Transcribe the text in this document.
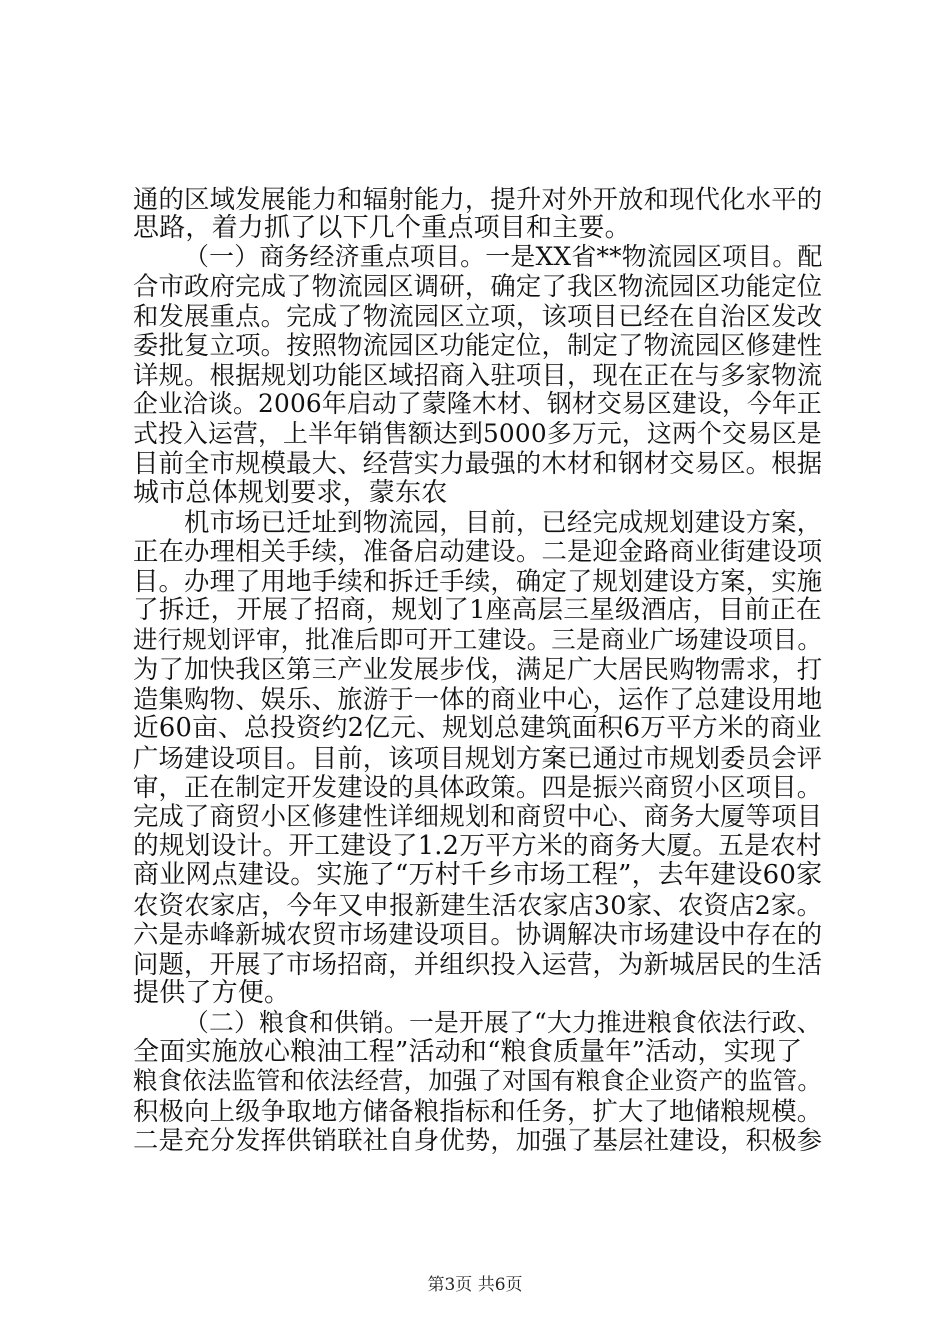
通的区域发展能力和辐射能力，提升对外开放和现代化水平的
思路，着力抓了以下几个重点项目和主要。
（一）商务经济重点项目。一是XX省**物流园区项目。配
合市政府完成了物流园区调研，确定了我区物流园区功能定位
和发展重点。完成了物流园区立项，该项目已经在自治区发改
委批复立项。按照物流园区功能定位，制定了物流园区修建性
详规。根据规划功能区域招商入驻项目，现在正在与多家物流
企业洽谈。2006年启动了蒙隆木材、钢材交易区建设，今年正
式投入运营，上半年销售额达到5000多万元，这两个交易区是
目前全市规模最大、经营实力最强的木材和钢材交易区。根据
城市总体规划要求，蒙东农
机市场已迁址到物流园，目前，已经完成规划建设方案，
正在办理相关手续，准备启动建设。二是迎金路商业街建设项
目。办理了用地手续和拆迁手续，确定了规划建设方案，实施
了拆迁，开展了招商，规划了1座高层三星级酒店，目前正在
进行规划评审，批准后即可开工建设。三是商业广场建设项目。
为了加快我区第三产业发展步伐，满足广大居民购物需求，打
造集购物、娱乐、旅游于一体的商业中心，运作了总建设用地
近60亩、总投资约2亿元、规划总建筑面积6万平方米的商业
广场建设项目。目前，该项目规划方案已通过市规划委员会评
审，正在制定开发建设的具体政策。四是振兴商贸小区项目。
完成了商贸小区修建性详细规划和商贸中心、商务大厦等项目
的规划设计。开工建设了1.2万平方米的商务大厦。五是农村
商业网点建设。实施了“万村千乡市场工程”，去年建设60家
农资农家店，今年又申报新建生活农家店30家、农资店2家。
六是赤峰新城农贸市场建设项目。协调解决市场建设中存在的
问题，开展了市场招商，并组织投入运营，为新城居民的生活
提供了方便。
（二）粮食和供销。一是开展了“大力推进粮食依法行政、
全面实施放心粮油工程”活动和“粮食质量年”活动，实现了
粮食依法监管和依法经营，加强了对国有粮食企业资产的监管。
积极向上级争取地方储备粮指标和任务，扩大了地储粮规模。
二是充分发挥供销联社自身优势，加强了基层社建设，积极参
第3页 共6页
